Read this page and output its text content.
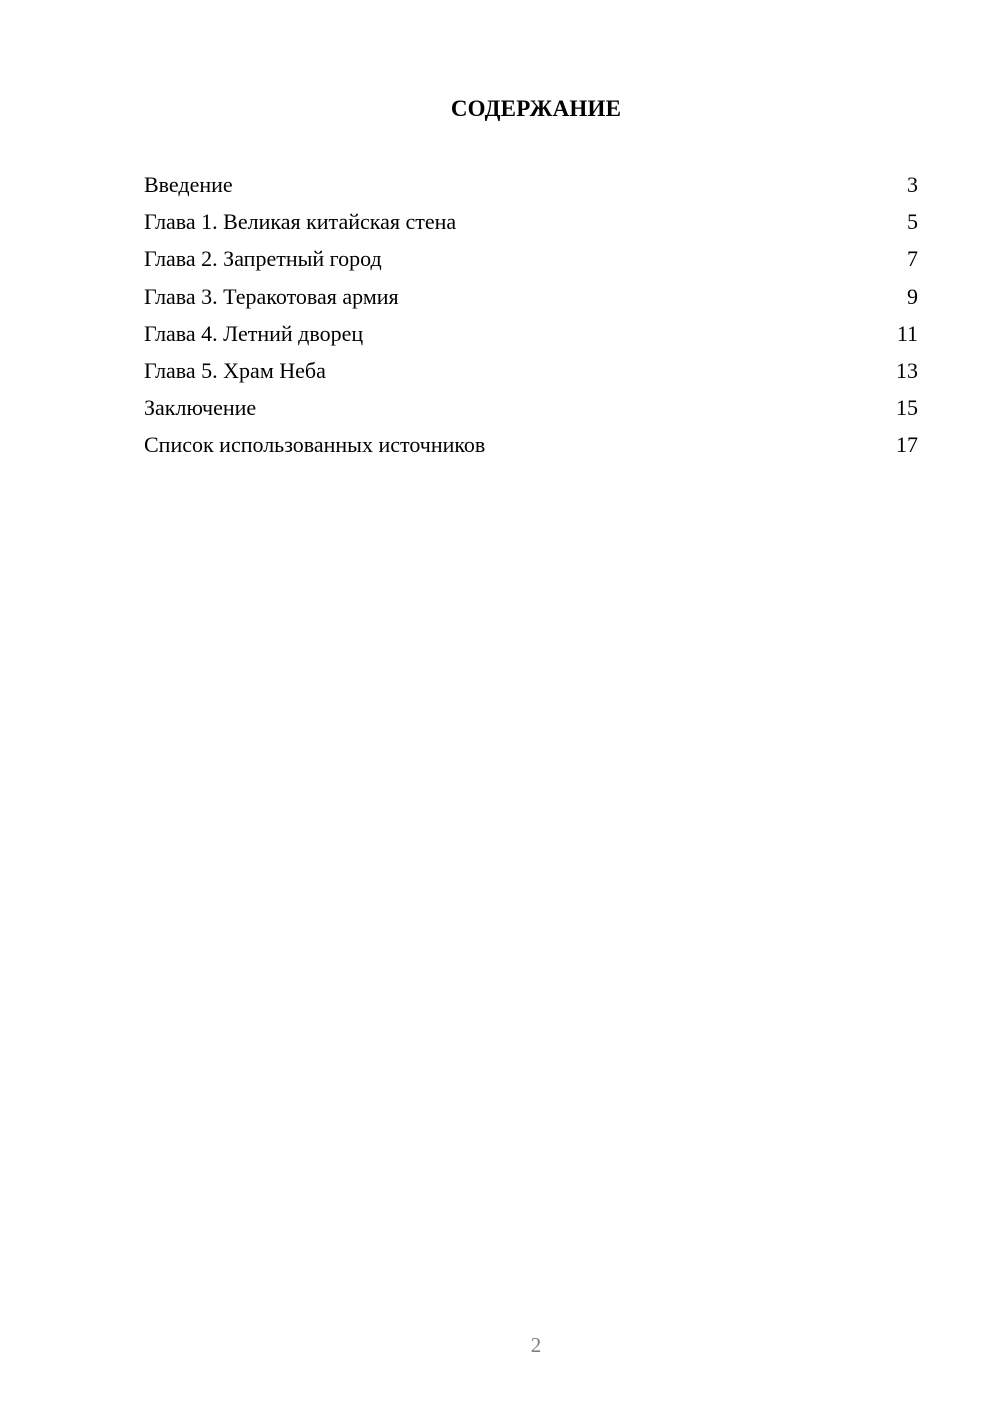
СОДЕРЖАНИЕ
Введение	3
Глава 1. Великая китайская стена	5
Глава 2. Запретный город	7
Глава 3. Теракотовая армия	9
Глава 4. Летний дворец	11
Глава 5. Храм Неба	13
Заключение	15
Список использованных источников	17
2
